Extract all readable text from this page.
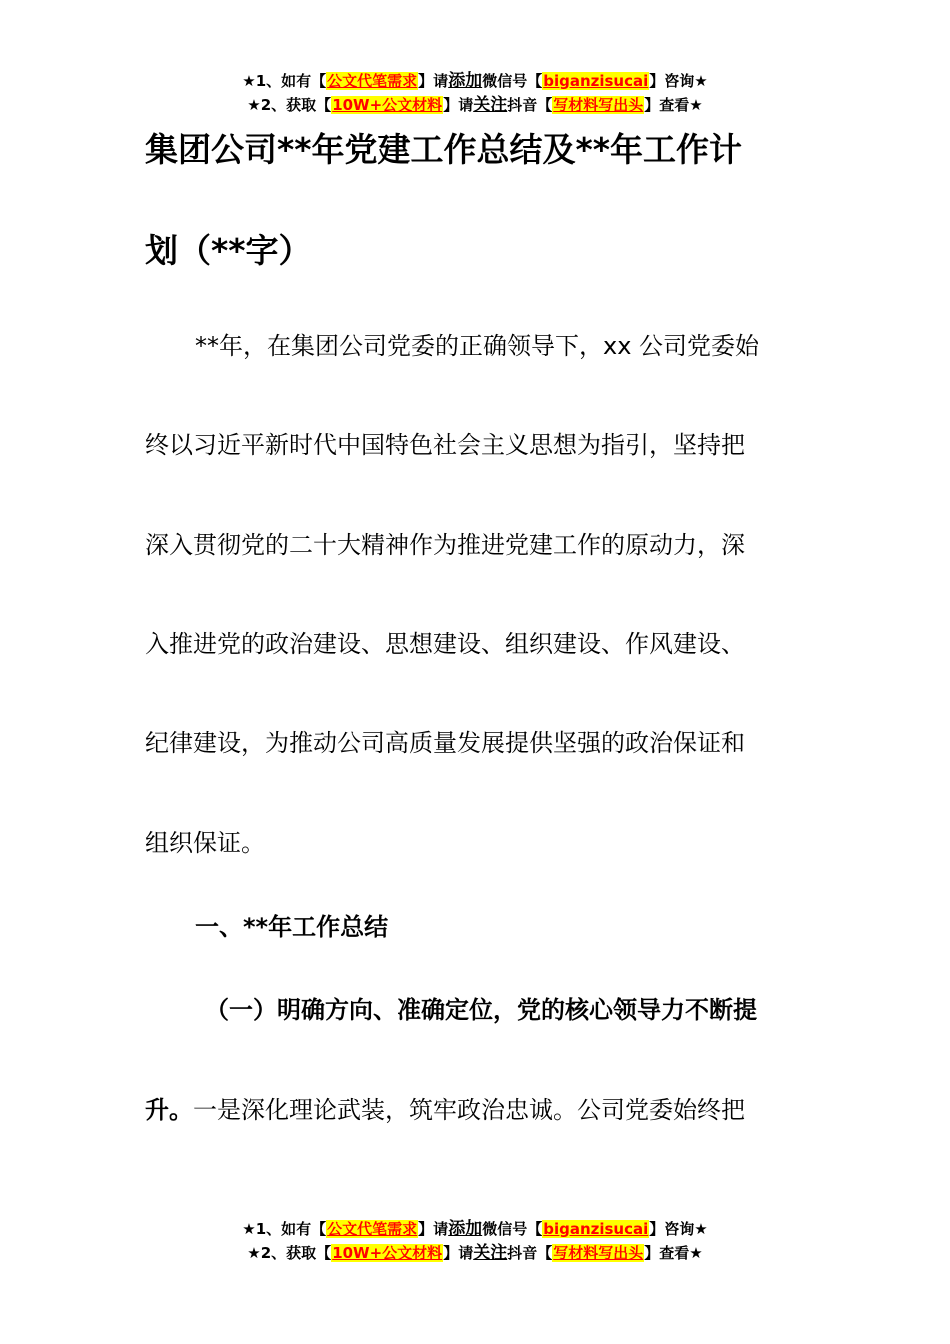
★1、如有【公文代笔需求】请添加微信号【biganzisucai】咨询★
★2、获取【10W+公文材料】请关注抖音【写材料写出头】查看★
集团公司**年党建工作总结及**年工作计
划（**字）

**年，在集团公司党委的正确领导下，xx 公司党委始

终以习近平新时代中国特色社会主义思想为指引，坚持把

深入贯彻党的二十大精神作为推进党建工作的原动力，深

入推进党的政治建设、思想建设、组织建设、作风建设、

纪律建设，为推动公司高质量发展提供坚强的政治保证和

组织保证。

一、**年工作总结

（一）明确方向、准确定位，党的核心领导力不断提

升。一是深化理论武装，筑牢政治忠诚。公司党委始终把

★1、如有【公文代笔需求】请添加微信号【biganzisucai】咨询★
★2、获取【10W+公文材料】请关注抖音【写材料写出头】查看★
